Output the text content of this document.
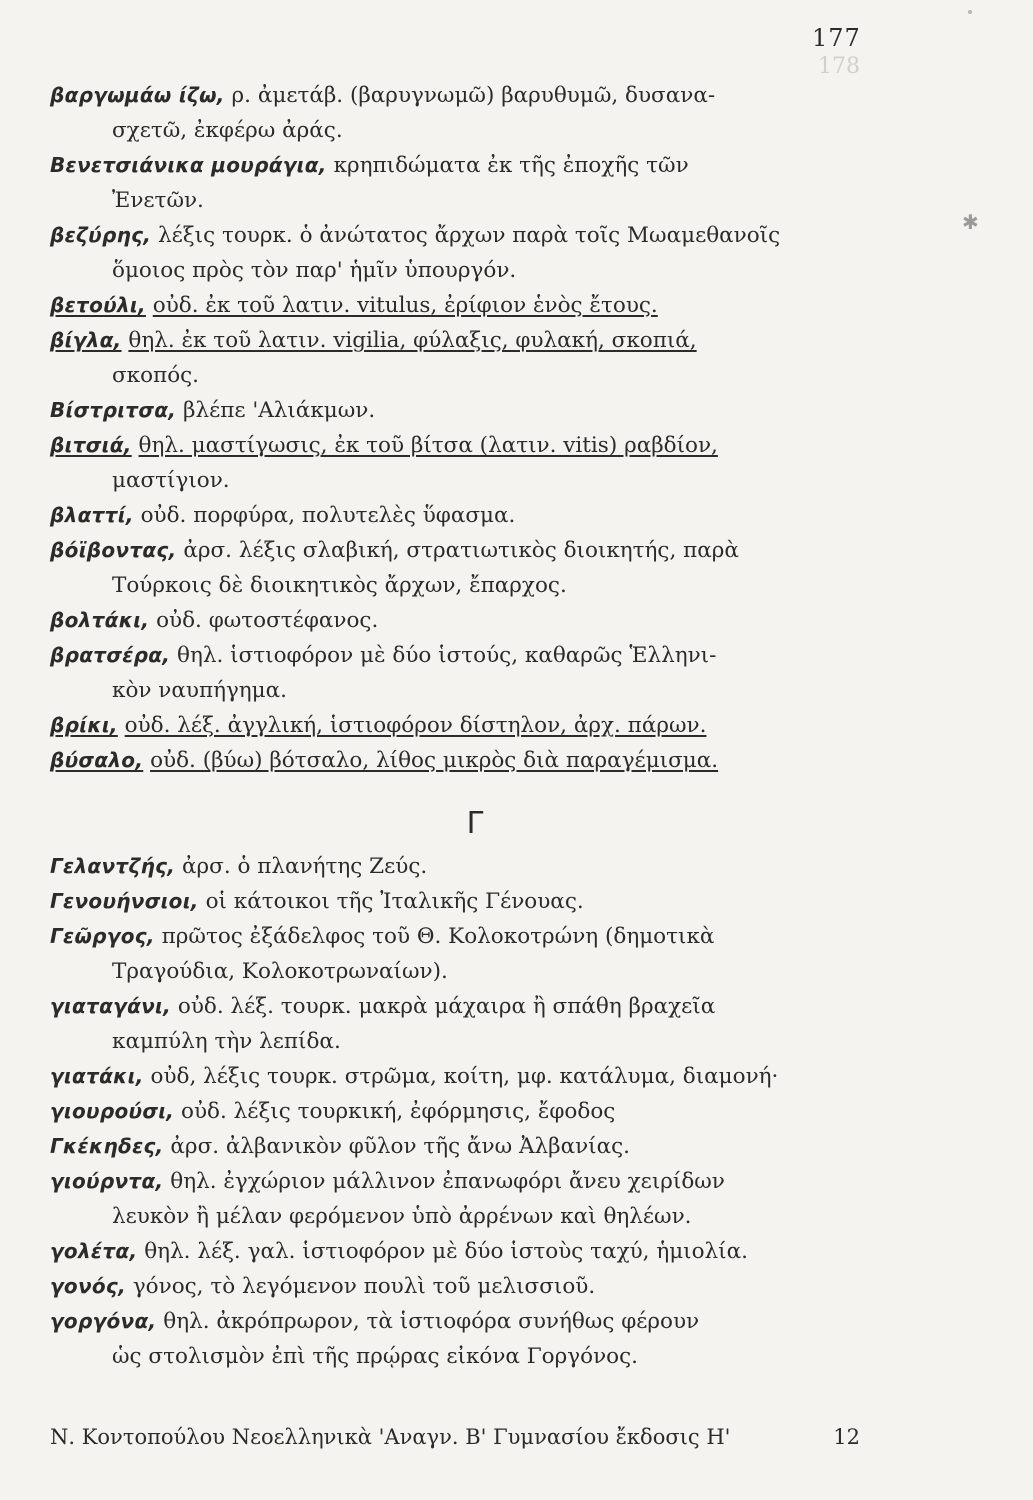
178
177
✱

βαργωμάω ίζω, ρ. ἀμετάβ. (βαρυγνωμῶ) βαρυθυμῶ, δυσανα-
σχετῶ, ἐκφέρω ἀράς.

Βενετσιάνικα μουράγια, κρηπιδώματα ἐκ τῆς ἐποχῆς τῶν
Ἐνετῶν.

βεζύρης, λέξις τουρκ. ὁ ἀνώτατος ἄρχων παρὰ τοῖς Μωαμεθανοῖς
ὅμοιος πρὸς τὸν παρ' ἡμῖν ὑπουργόν.

βετούλι, οὐδ. ἐκ τοῦ λατιν. vitulus, ἐρίφιον ἑνὸς ἔτους.

βίγλα, θηλ. ἐκ τοῦ λατιν. vigilia, φύλαξις, φυλακή, σκοπιά,
σκοπός.

Βίστριτσα, βλέπε 'Αλιάκμων.

βιτσιά, θηλ. μαστίγωσις, ἐκ τοῦ βίτσα (λατιν. vitis) ραβδίον,
μαστίγιον.

βλαττί, οὐδ. πορφύρα, πολυτελὲς ὕφασμα.

βόϊβοντας, ἀρσ. λέξις σλαβική, στρατιωτικὸς διοικητής, παρὰ
Τούρκοις δὲ διοικητικὸς ἄρχων, ἔπαρχος.

βολτάκι, οὐδ. φωτοστέφανος.

βρατσέρα, θηλ. ἱστιοφόρον μὲ δύο ἱστούς, καθαρῶς Ἑλληνι-
κὸν ναυπήγημα.

βρίκι, οὐδ. λέξ. ἀγγλική, ἱστιοφόρον δίστηλον, ἀρχ. πάρων.

βύσαλο, οὐδ. (βύω) βότσαλο, λίθος μικρὸς διὰ παραγέμισμα.

Γ

Γελαντζής, ἀρσ. ὁ πλανήτης Ζεύς.

Γενουήνσιοι, οἱ κάτοικοι τῆς Ἰταλικῆς Γένουας.

Γεῶργος, πρῶτος ἐξάδελφος τοῦ Θ. Κολοκοτρώνη (δημοτικὰ
Τραγούδια, Κολοκοτρωναίων).

γιαταγάνι, οὐδ. λέξ. τουρκ. μακρὰ μάχαιρα ἢ σπάθη βραχεῖα
καμπύλη τὴν λεπίδα.

γιατάκι, οὐδ, λέξις τουρκ. στρῶμα, κοίτη, μφ. κατάλυμα, διαμονή·

γιουρούσι, οὐδ. λέξις τουρκική, ἐφόρμησις, ἔφοδος

Γκέκηδες, ἀρσ. ἀλβανικὸν φῦλον τῆς ἄνω Ἀλβανίας.

γιούρντα, θηλ. ἐγχώριον μάλλινον ἐπανωφόρι ἄνευ χειρίδων
λευκὸν ἢ μέλαν φερόμενον ὑπὸ ἀρρένων καὶ θηλέων.

γολέτα, θηλ. λέξ. γαλ. ἱστιοφόρον μὲ δύο ἱστοὺς ταχύ, ἡμιολία.

γονός, γόνος, τὸ λεγόμενον πουλὶ τοῦ μελισσιοῦ.

γοργόνα, θηλ. ἀκρόπρωρον, τὰ ἱστιοφόρα συνήθως φέρουν
ὡς στολισμὸν ἐπὶ τῆς πρῴρας εἰκόνα Γοργόνος.

Ν. Κοντοπούλου Νεοελληνικὰ 'Αναγν. Β' Γυμνασίου ἔκδοσις Η'	12
